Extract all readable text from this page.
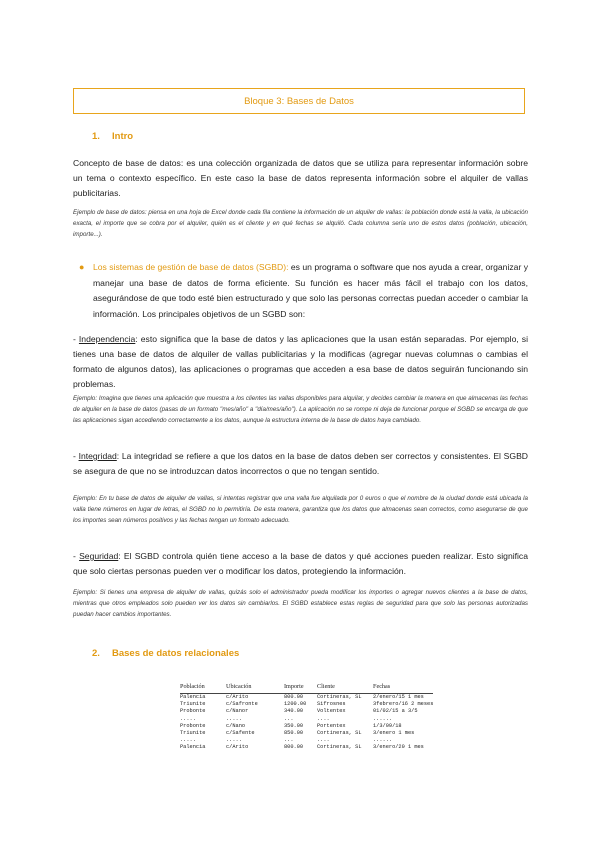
Bloque 3: Bases de Datos
1. Intro
Concepto de base de datos: es una colección organizada de datos que se utiliza para representar información sobre un tema o contexto específico. En este caso la base de datos representa información sobre el alquiler de vallas publicitarias.
Ejemplo de base de datos: piensa en una hoja de Excel donde cada fila contiene la información de un alquiler de vallas: la población donde está la valla, la ubicación exacta, el importe que se cobra por el alquiler, quién es el cliente y en qué fechas se alquiló. Cada columna sería uno de estos datos (población, ubicación, importe...).
● Los sistemas de gestión de base de datos (SGBD): es un programa o software que nos ayuda a crear, organizar y manejar una base de datos de forma eficiente. Su función es hacer más fácil el trabajo con los datos, asegurándose de que todo esté bien estructurado y que solo las personas correctas puedan acceder o cambiar la información. Los principales objetivos de un SGBD son:
- Independencia: esto significa que la base de datos y las aplicaciones que la usan están separadas. Por ejemplo, si tienes una base de datos de alquiler de vallas publicitarias y la modificas (agregar nuevas columnas o cambias el formato de algunos datos), las aplicaciones o programas que acceden a esa base de datos seguirán funcionando sin problemas.
Ejemplo: Imagina que tienes una aplicación que muestra a los clientes las vallas disponibles para alquilar, y decides cambiar la manera en que almacenas las fechas de alquiler en la base de datos (pasas de un formato "mes/año" a "día/mes/año"). La aplicación no se rompe ni deja de funcionar porque el SGBD se encarga de que las aplicaciones sigan accediendo correctamente a los datos, aunque la estructura interna de la base de datos haya cambiado.
- Integridad: La integridad se refiere a que los datos en la base de datos deben ser correctos y consistentes. El SGBD se asegura de que no se introduzcan datos incorrectos o que no tengan sentido.
Ejemplo: En tu base de datos de alquiler de vallas, si intentas registrar que una valla fue alquilada por 0 euros o que el nombre de la ciudad donde está ubicada la valla tiene números en lugar de letras, el SGBD no lo permitiría. De esta manera, garantiza que los datos que almacenas sean correctos, como asegurarse de que los importes sean números positivos y las fechas tengan un formato adecuado.
- Seguridad: El SGBD controla quién tiene acceso a la base de datos y qué acciones pueden realizar. Esto significa que solo ciertas personas pueden ver o modificar los datos, protegiendo la información.
Ejemplo: Si tienes una empresa de alquiler de vallas, quizás solo el administrador pueda modificar los importes o agregar nuevos clientes a la base de datos, mientras que otros empleados solo pueden ver los datos sin cambiarlos. El SGBD establece estas reglas de seguridad para que solo las personas autorizadas puedan hacer cambios importantes.
2. Bases de datos relacionales
Población	Ubicación	Importe	Cliente	Fechas
Palencia	c/Arito	800.00	Cortineras, SL	2/enero/15 1 mes
Triunite	c/Safronte	1200.00	Sifrosnes	3febrero/16 2 meses
Probonte	c/Nanor	340.00	Voltentex	01/02/15 a 3/5
.....	.....	...	....	......
Probonte	c/Nano	350.00	Portentex	1/3/09/18
Triunite	c/Safente	850.00	Cortineras, SL	3/enero 1 mes
.....	.....	...	....	......
Palencia	c/Arito	800.00	Cortineras, SL	3/enero/20 1 mes
